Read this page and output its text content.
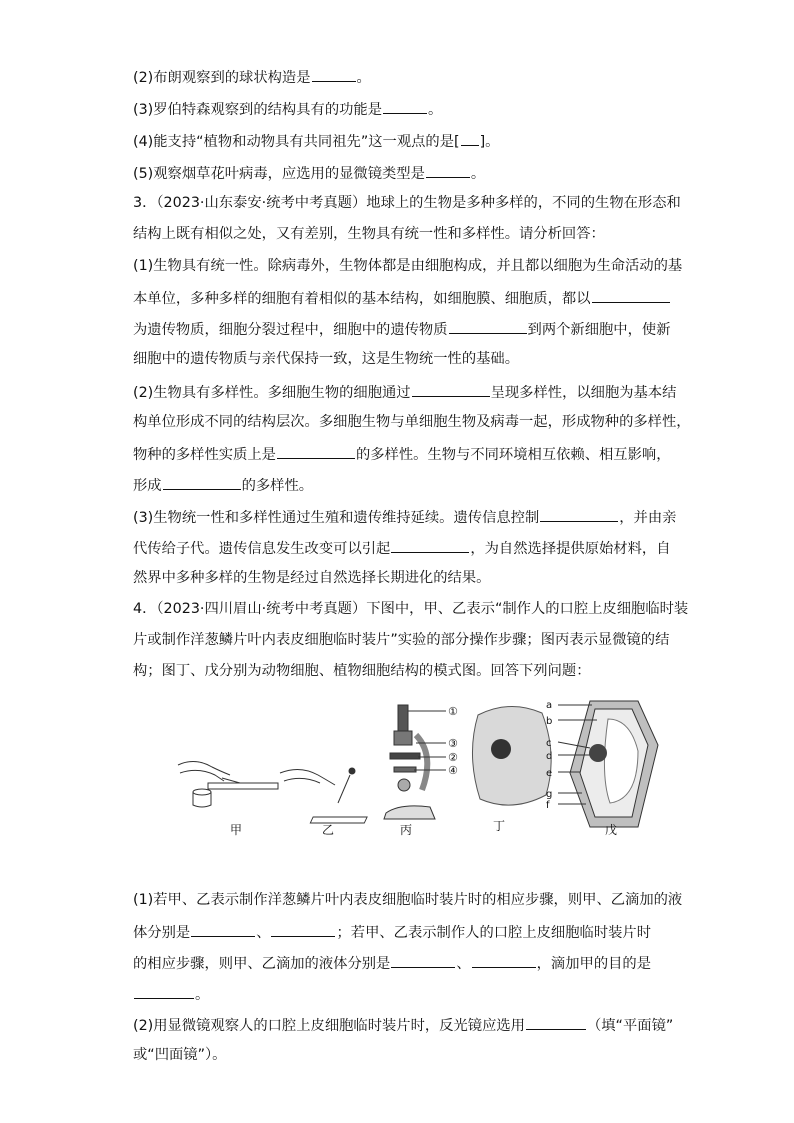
(2)布朗观察到的球状构造是	。
(3)罗伯特森观察到的结构具有的功能是	。
(4)能支持“植物和动物具有共同祖先”这一观点的是[ ]。
(5)观察烟草花叶病毒，应选用的显微镜类型是	。
3．（2023·山东泰安·统考中考真题）地球上的生物是多种多样的，不同的生物在形态和
结构上既有相似之处，又有差别，生物具有统一性和多样性。请分析回答：
(1)生物具有统一性。除病毒外，生物体都是由细胞构成，并且都以细胞为生命活动的基
本单位，多种多样的细胞有着相似的基本结构，如细胞膜、细胞质，都以
为遗传物质，细胞分裂过程中，细胞中的遗传物质	到两个新细胞中，使新
细胞中的遗传物质与亲代保持一致，这是生物统一性的基础。
(2)生物具有多样性。多细胞生物的细胞通过	呈现多样性，以细胞为基本结
构单位形成不同的结构层次。多细胞生物与单细胞生物及病毒一起，形成物种的多样性，
物种的多样性实质上是	的多样性。生物与不同环境相互依赖、相互影响，
形成	的多样性。
(3)生物统一性和多样性通过生殖和遗传维持延续。遗传信息控制	，并由亲
代传给子代。遗传信息发生改变可以引起	，为自然选择提供原始材料，自
然界中多种多样的生物是经过自然选择长期进化的结果。
4．（2023·四川眉山·统考中考真题）下图中，甲、乙表示“制作人的口腔上皮细胞临时装
片或制作洋葱鳞片叶内表皮细胞临时装片”实验的部分操作步骤；图丙表示显微镜的结
构；图丁、戊分别为动物细胞、植物细胞结构的模式图。回答下列问题：
①
③
②
④
a
b
c
d
e
g
f
甲	乙	丙	丁	戊
(1)若甲、乙表示制作洋葱鳞片叶内表皮细胞临时装片时的相应步骤，则甲、乙滴加的液
体分别是	、	；若甲、乙表示制作人的口腔上皮细胞临时装片时
的相应步骤，则甲、乙滴加的液体分别是	、	，滴加甲的目的是
。
(2)用显微镜观察人的口腔上皮细胞临时装片时，反光镜应选用	（填“平面镜”
或“凹面镜”）。
